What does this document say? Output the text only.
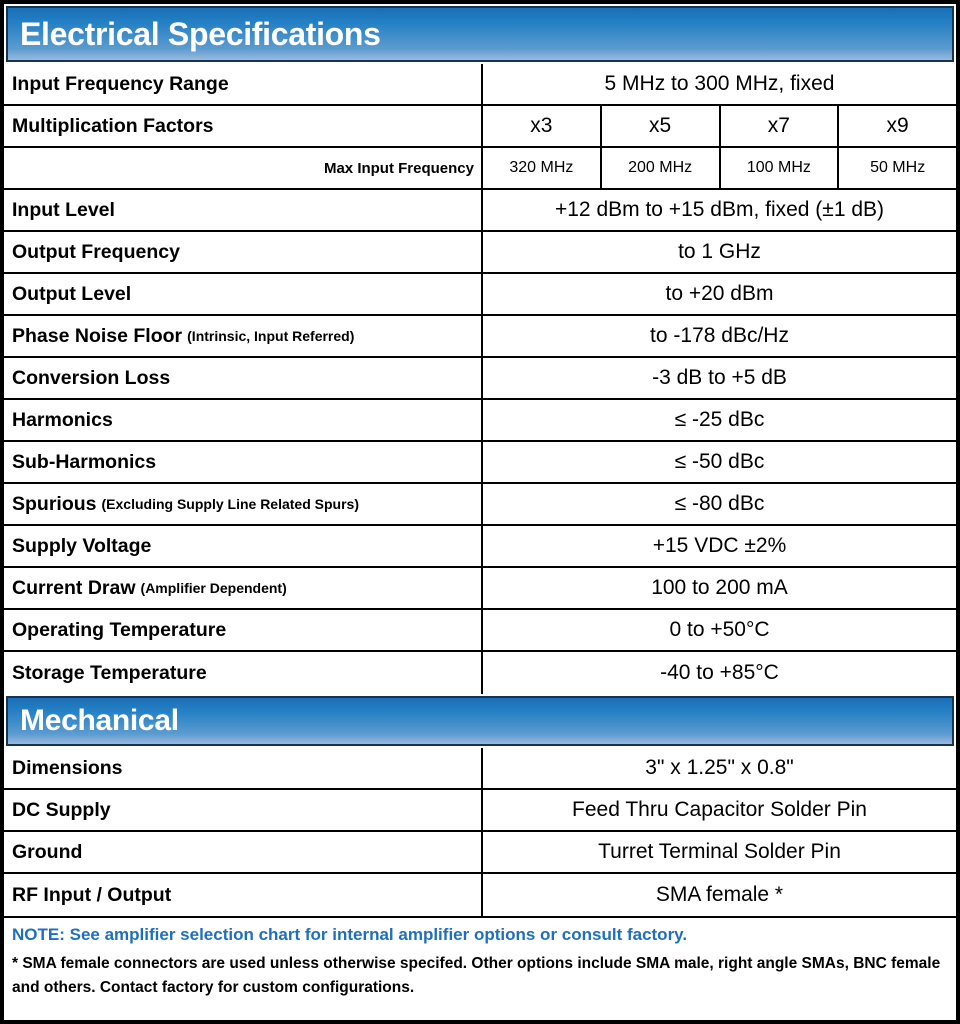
Electrical Specifications
Input Frequency Range	5 MHz to 300 MHz, fixed
Multiplication Factors	x3	x5	x7	x9
Max Input Frequency	320 MHz	200 MHz	100 MHz	50 MHz
Input Level	+12 dBm to +15 dBm, fixed (±1 dB)
Output Frequency	to 1 GHz
Output Level	to +20 dBm
Phase Noise Floor (Intrinsic, Input Referred)	to -178 dBc/Hz
Conversion Loss	-3 dB to +5 dB
Harmonics	≤ -25 dBc
Sub-Harmonics	≤ -50 dBc
Spurious (Excluding Supply Line Related Spurs)	≤ -80 dBc
Supply Voltage	+15 VDC ±2%
Current Draw (Amplifier Dependent)	100 to 200 mA
Operating Temperature	0 to +50°C
Storage Temperature	-40 to +85°C
Mechanical
Dimensions	3" x 1.25" x 0.8"
DC Supply	Feed Thru Capacitor Solder Pin
Ground	Turret Terminal Solder Pin
RF Input / Output	SMA female *
NOTE: See amplifier selection chart for internal amplifier options or consult factory.
* SMA female connectors are used unless otherwise specifed. Other options include SMA male, right angle SMAs, BNC female and others. Contact factory for custom configurations.
